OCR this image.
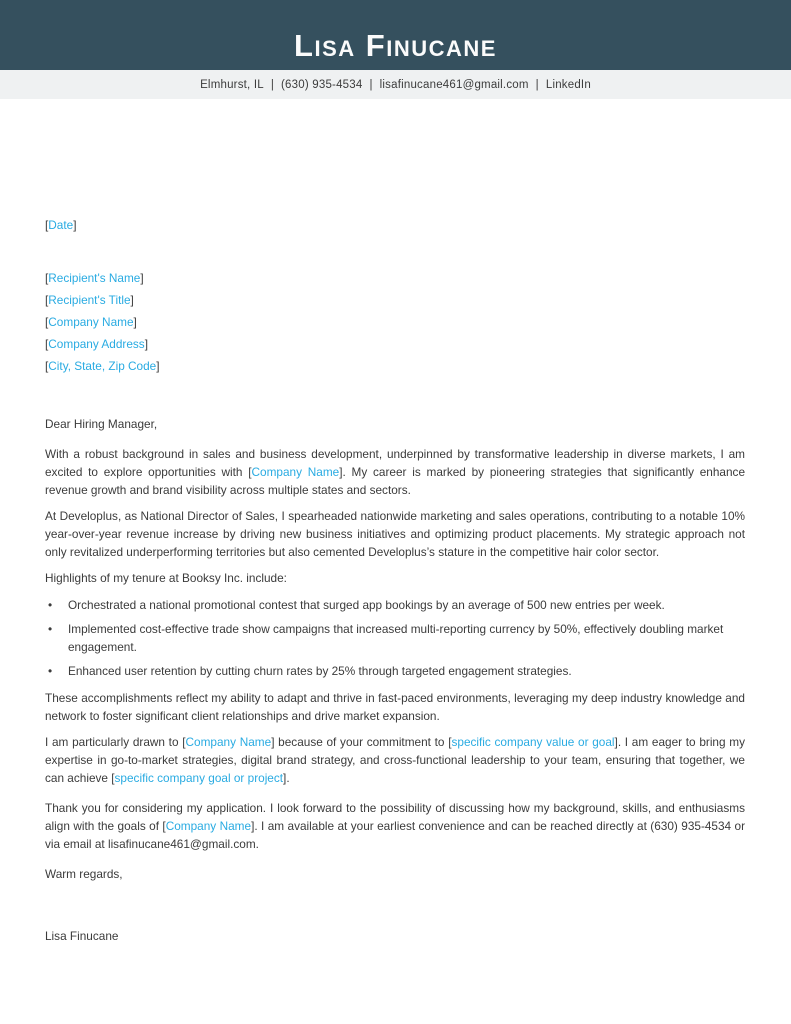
Lisa Finucane
Elmhurst, IL | (630) 935-4534 | lisafinucane461@gmail.com | LinkedIn

[Date]

[Recipient's Name]

[Recipient's Title]

[Company Name]

[Company Address]

[City, State, Zip Code]

Dear Hiring Manager,

With a robust background in sales and business development, underpinned by transformative leadership in diverse markets, I am excited to explore opportunities with [Company Name]. My career is marked by pioneering strategies that significantly enhance revenue growth and brand visibility across multiple states and sectors.

At Developlus, as National Director of Sales, I spearheaded nationwide marketing and sales operations, contributing to a notable 10% year-over-year revenue increase by driving new business initiatives and optimizing product placements. My strategic approach not only revitalized underperforming territories but also cemented Developlus’s stature in the competitive hair color sector.

Highlights of my tenure at Booksy Inc. include:

• Orchestrated a national promotional contest that surged app bookings by an average of 500 new entries per week.
• Implemented cost-effective trade show campaigns that increased multi-reporting currency by 50%, effectively doubling market engagement.
• Enhanced user retention by cutting churn rates by 25% through targeted engagement strategies.

These accomplishments reflect my ability to adapt and thrive in fast-paced environments, leveraging my deep industry knowledge and network to foster significant client relationships and drive market expansion.

I am particularly drawn to [Company Name] because of your commitment to [specific company value or goal]. I am eager to bring my expertise in go-to-market strategies, digital brand strategy, and cross-functional leadership to your team, ensuring that together, we can achieve [specific company goal or project].

Thank you for considering my application. I look forward to the possibility of discussing how my background, skills, and enthusiasms align with the goals of [Company Name]. I am available at your earliest convenience and can be reached directly at (630) 935-4534 or via email at lisafinucane461@gmail.com.

Warm regards,

Lisa Finucane
